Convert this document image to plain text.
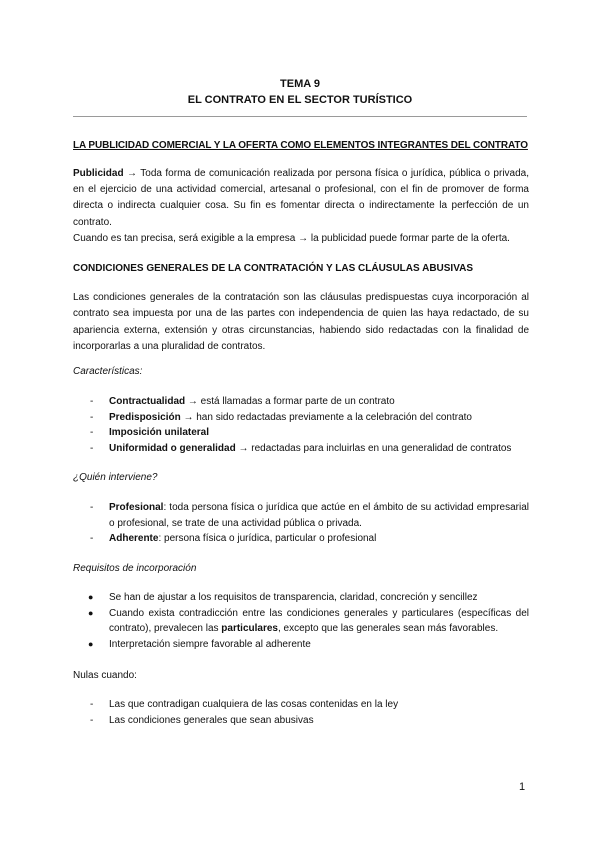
TEMA 9
EL CONTRATO EN EL SECTOR TURÍSTICO
LA PUBLICIDAD COMERCIAL Y LA OFERTA COMO ELEMENTOS INTEGRANTES DEL CONTRATO
Publicidad → Toda forma de comunicación realizada por persona física o jurídica, pública o privada, en el ejercicio de una actividad comercial, artesanal o profesional, con el fin de promover de forma directa o indirecta cualquier cosa. Su fin es fomentar directa o indirectamente la perfección de un contrato.
Cuando es tan precisa, será exigible a la empresa → la publicidad puede formar parte de la oferta.
CONDICIONES GENERALES DE LA CONTRATACIÓN Y LAS CLÁUSULAS ABUSIVAS
Las condiciones generales de la contratación son las cláusulas predispuestas cuya incorporación al contrato sea impuesta por una de las partes con independencia de quien las haya redactado, de su apariencia externa, extensión y otras circunstancias, habiendo sido redactadas con la finalidad de incorporarlas a una pluralidad de contratos.
Características:
- Contractualidad → está llamadas a formar parte de un contrato
- Predisposición → han sido redactadas previamente a la celebración del contrato
- Imposición unilateral
- Uniformidad o generalidad → redactadas para incluirlas en una generalidad de contratos
¿Quién interviene?
- Profesional: toda persona física o jurídica que actúe en el ámbito de su actividad empresarial o profesional, se trate de una actividad pública o privada.
- Adherente: persona física o jurídica, particular o profesional
Requisitos de incorporación
● Se han de ajustar a los requisitos de transparencia, claridad, concreción y sencillez
● Cuando exista contradicción entre las condiciones generales y particulares (específicas del contrato), prevalecen las particulares, excepto que las generales sean más favorables.
● Interpretación siempre favorable al adherente
Nulas cuando:
- Las que contradigan cualquiera de las cosas contenidas en la ley
- Las condiciones generales que sean abusivas
1
